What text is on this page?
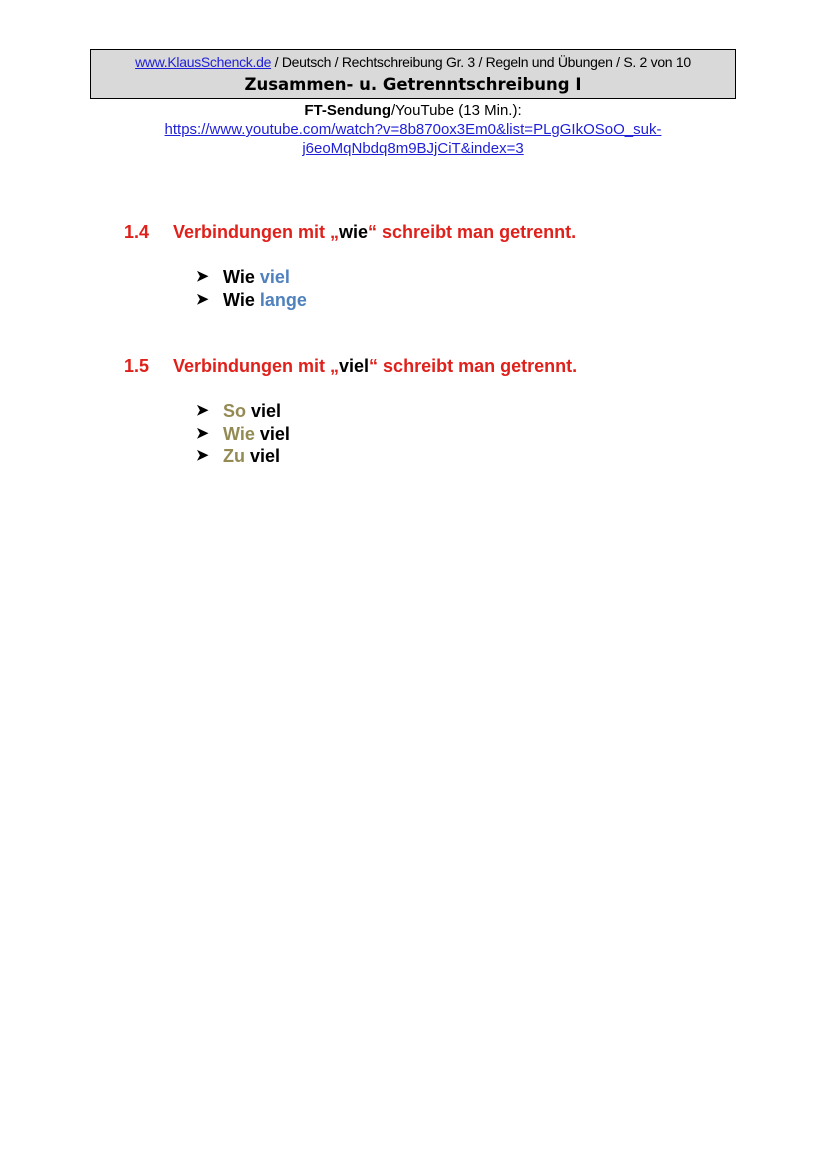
www.KlausSchenck.de / Deutsch / Rechtschreibung Gr. 3 / Regeln und Übungen / S. 2 von 10
Zusammen- u. Getrenntschreibung I
FT-Sendung/YouTube (13 Min.):
https://www.youtube.com/watch?v=8b870ox3Em0&list=PLgGIkOSoO_suk-
j6eoMqNbdq8m9BJjCiT&index=3
1.4 Verbindungen mit „wie“ schreibt man getrennt.
➤ Wie
viel
➤ Wie
lange
1.5 Verbindungen mit „viel“ schreibt man getrennt.
➤ So
viel
➤ Wie
viel
➤ Zu
viel
